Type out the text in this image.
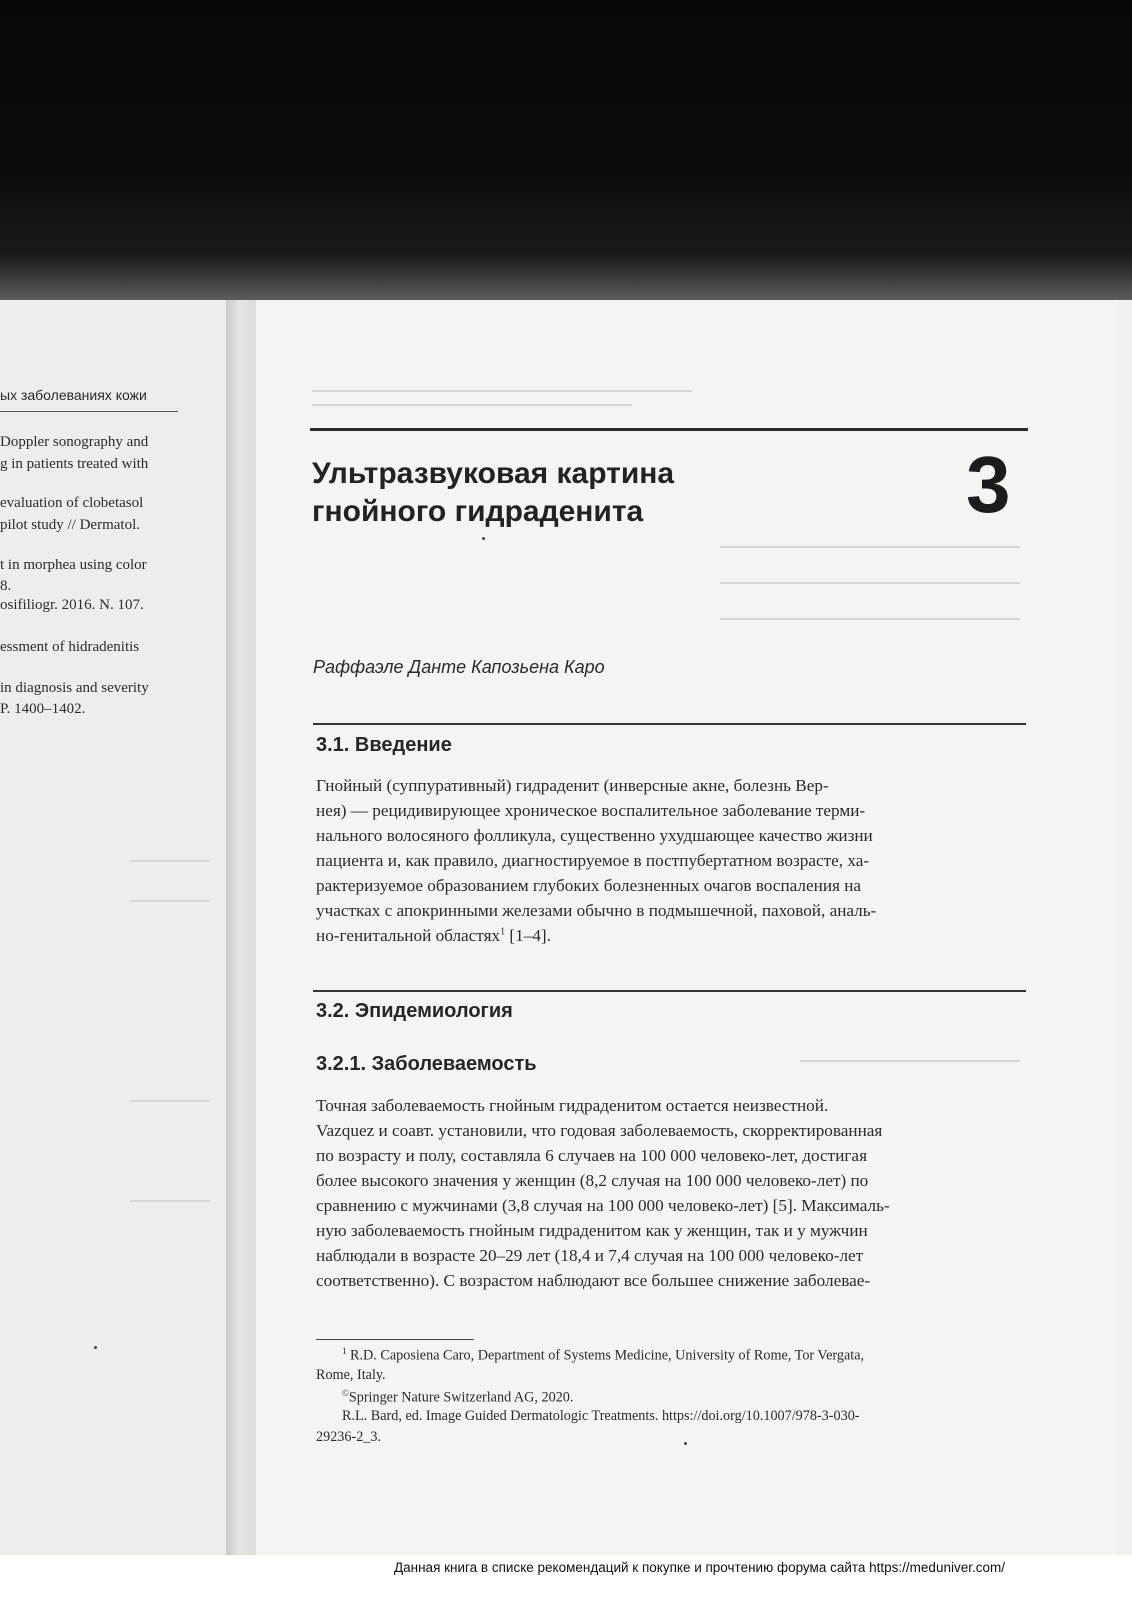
ых заболеваниях кожи
Doppler sonography and
g in patients treated with
evaluation of clobetasol
pilot study // Dermatol.
t in morphea using color
8.
osifiliogr. 2016. N. 107.
essment of hidradenitis
in diagnosis and severity
P. 1400–1402.
Ультразвуковая картина
гнойного гидраденита	3
Раффаэле Данте Капозьена Каро
3.1. Введение
Гнойный (суппуративный) гидраденит (инверсные акне, болезнь Вер-
нея) — рецидивирующее хроническое воспалительное заболевание терми-
нального волосяного фолликула, существенно ухудшающее качество жизни
пациента и, как правило, диагностируемое в постпубертатном возрасте, ха-
рактеризуемое образованием глубоких болезненных очагов воспаления на
участках с апокринными железами обычно в подмышечной, паховой, аналь-
но-генитальной областях$^1$ [1–4].
3.2. Эпидемиология
3.2.1. Заболеваемость
Точная заболеваемость гнойным гидраденитом остается неизвестной.
Vazquez и соавт. установили, что годовая заболеваемость, скорректированная
по возрасту и полу, составляла 6 случаев на 100 000 человеко-лет, достигая
более высокого значения у женщин (8,2 случая на 100 000 человеко-лет) по
сравнению с мужчинами (3,8 случая на 100 000 человеко-лет) [5]. Максималь-
ную заболеваемость гнойным гидраденитом как у женщин, так и у мужчин
наблюдали в возрасте 20–29 лет (18,4 и 7,4 случая на 100 000 человеко-лет
соответственно). С возрастом наблюдают все большее снижение заболевае-
$^1$ R.D. Caposiena Caro, Department of Systems Medicine, University of Rome, Tor Vergata,
Rome, Italy.
©Springer Nature Switzerland AG, 2020.
R.L. Bard, ed. Image Guided Dermatologic Treatments. https://doi.org/10.1007/978-3-030-
29236-2_3.
Данная книга в списке рекомендаций к покупке и прочтению форума сайта https://meduniver.com/
